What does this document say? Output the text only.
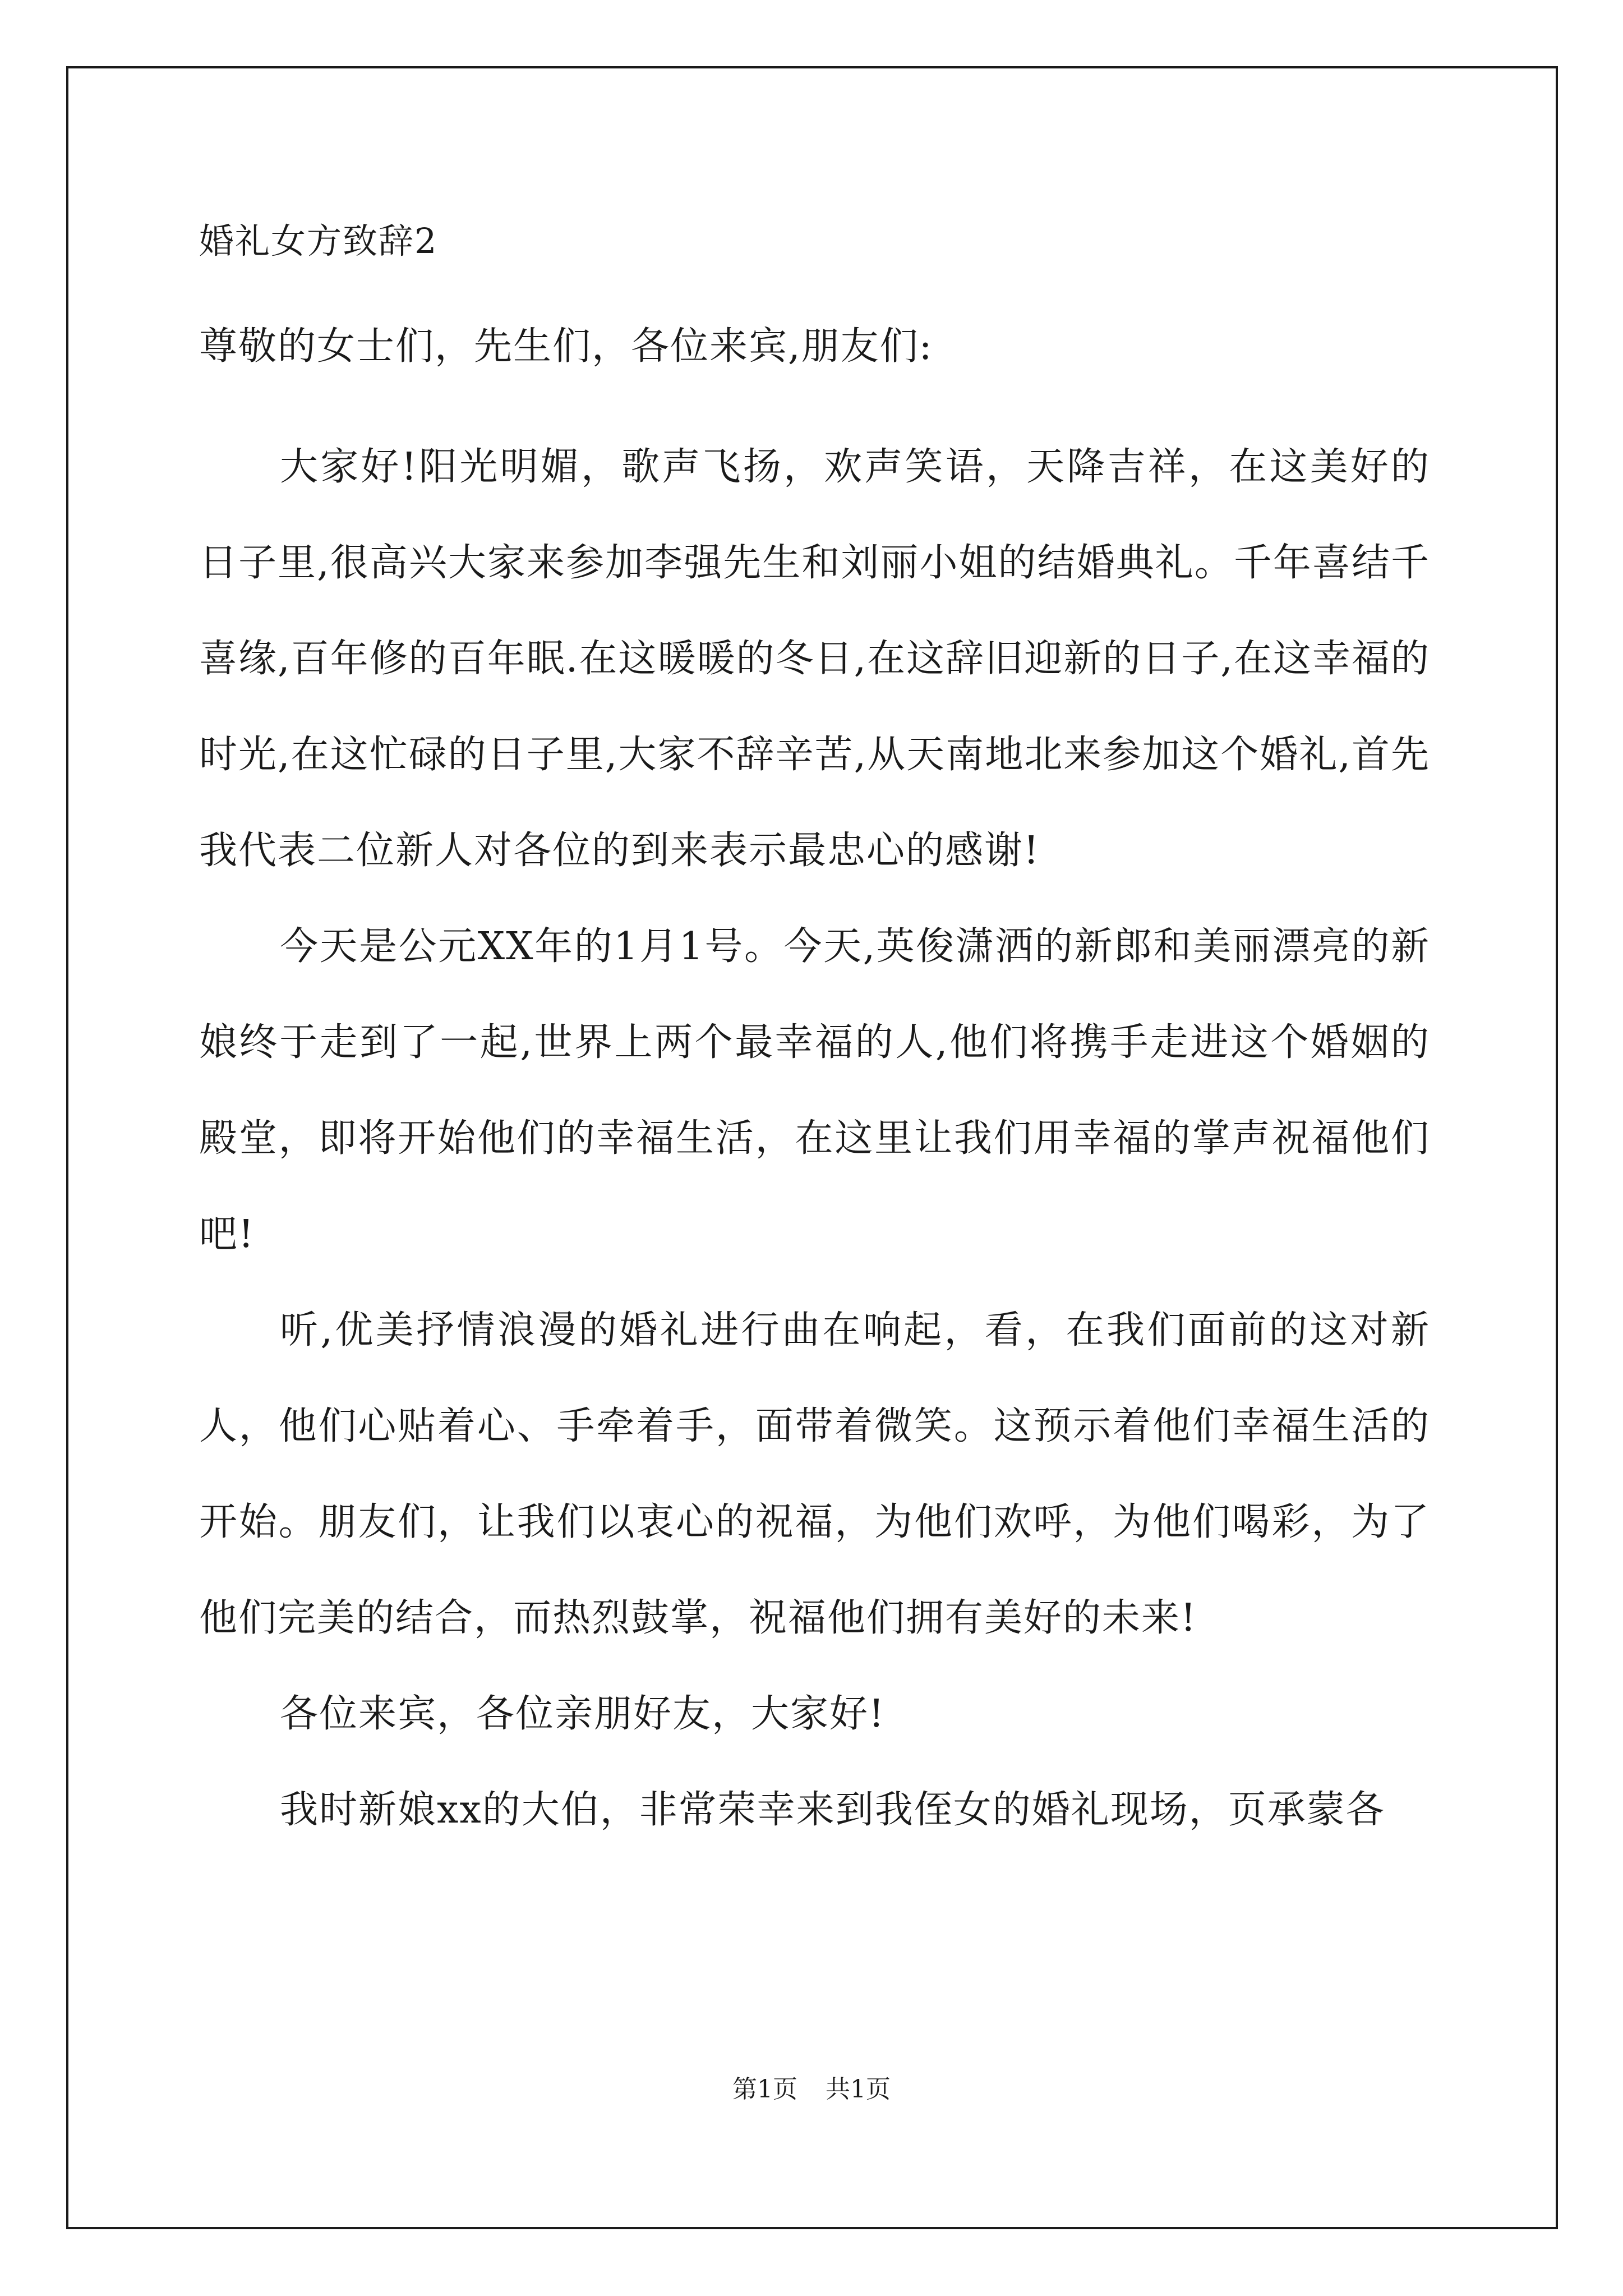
婚礼女方致辞2

尊敬的女士们，先生们，各位来宾,朋友们:

大家好!阳光明媚，歌声飞扬，欢声笑语，天降吉祥，在这美好的日子里,很高兴大家来参加李强先生和刘丽小姐的结婚典礼。千年喜结千喜缘,百年修的百年眠.在这暖暖的冬日,在这辞旧迎新的日子,在这幸福的时光,在这忙碌的日子里,大家不辞辛苦,从天南地北来参加这个婚礼,首先我代表二位新人对各位的到来表示最忠心的感谢!

今天是公元XX年的1月1号。今天,英俊潇洒的新郎和美丽漂亮的新娘终于走到了一起,世界上两个最幸福的人,他们将携手走进这个婚姻的殿堂，即将开始他们的幸福生活，在这里让我们用幸福的掌声祝福他们吧!

听,优美抒情浪漫的婚礼进行曲在响起，看，在我们面前的这对新人，他们心贴着心、手牵着手，面带着微笑。这预示着他们幸福生活的开始。朋友们，让我们以衷心的祝福，为他们欢呼，为他们喝彩，为了他们完美的结合，而热烈鼓掌，祝福他们拥有美好的未来!

各位来宾，各位亲朋好友，大家好!

我时新娘xx的大伯，非常荣幸来到我侄女的婚礼现场，页承蒙各

第1页 共1页
